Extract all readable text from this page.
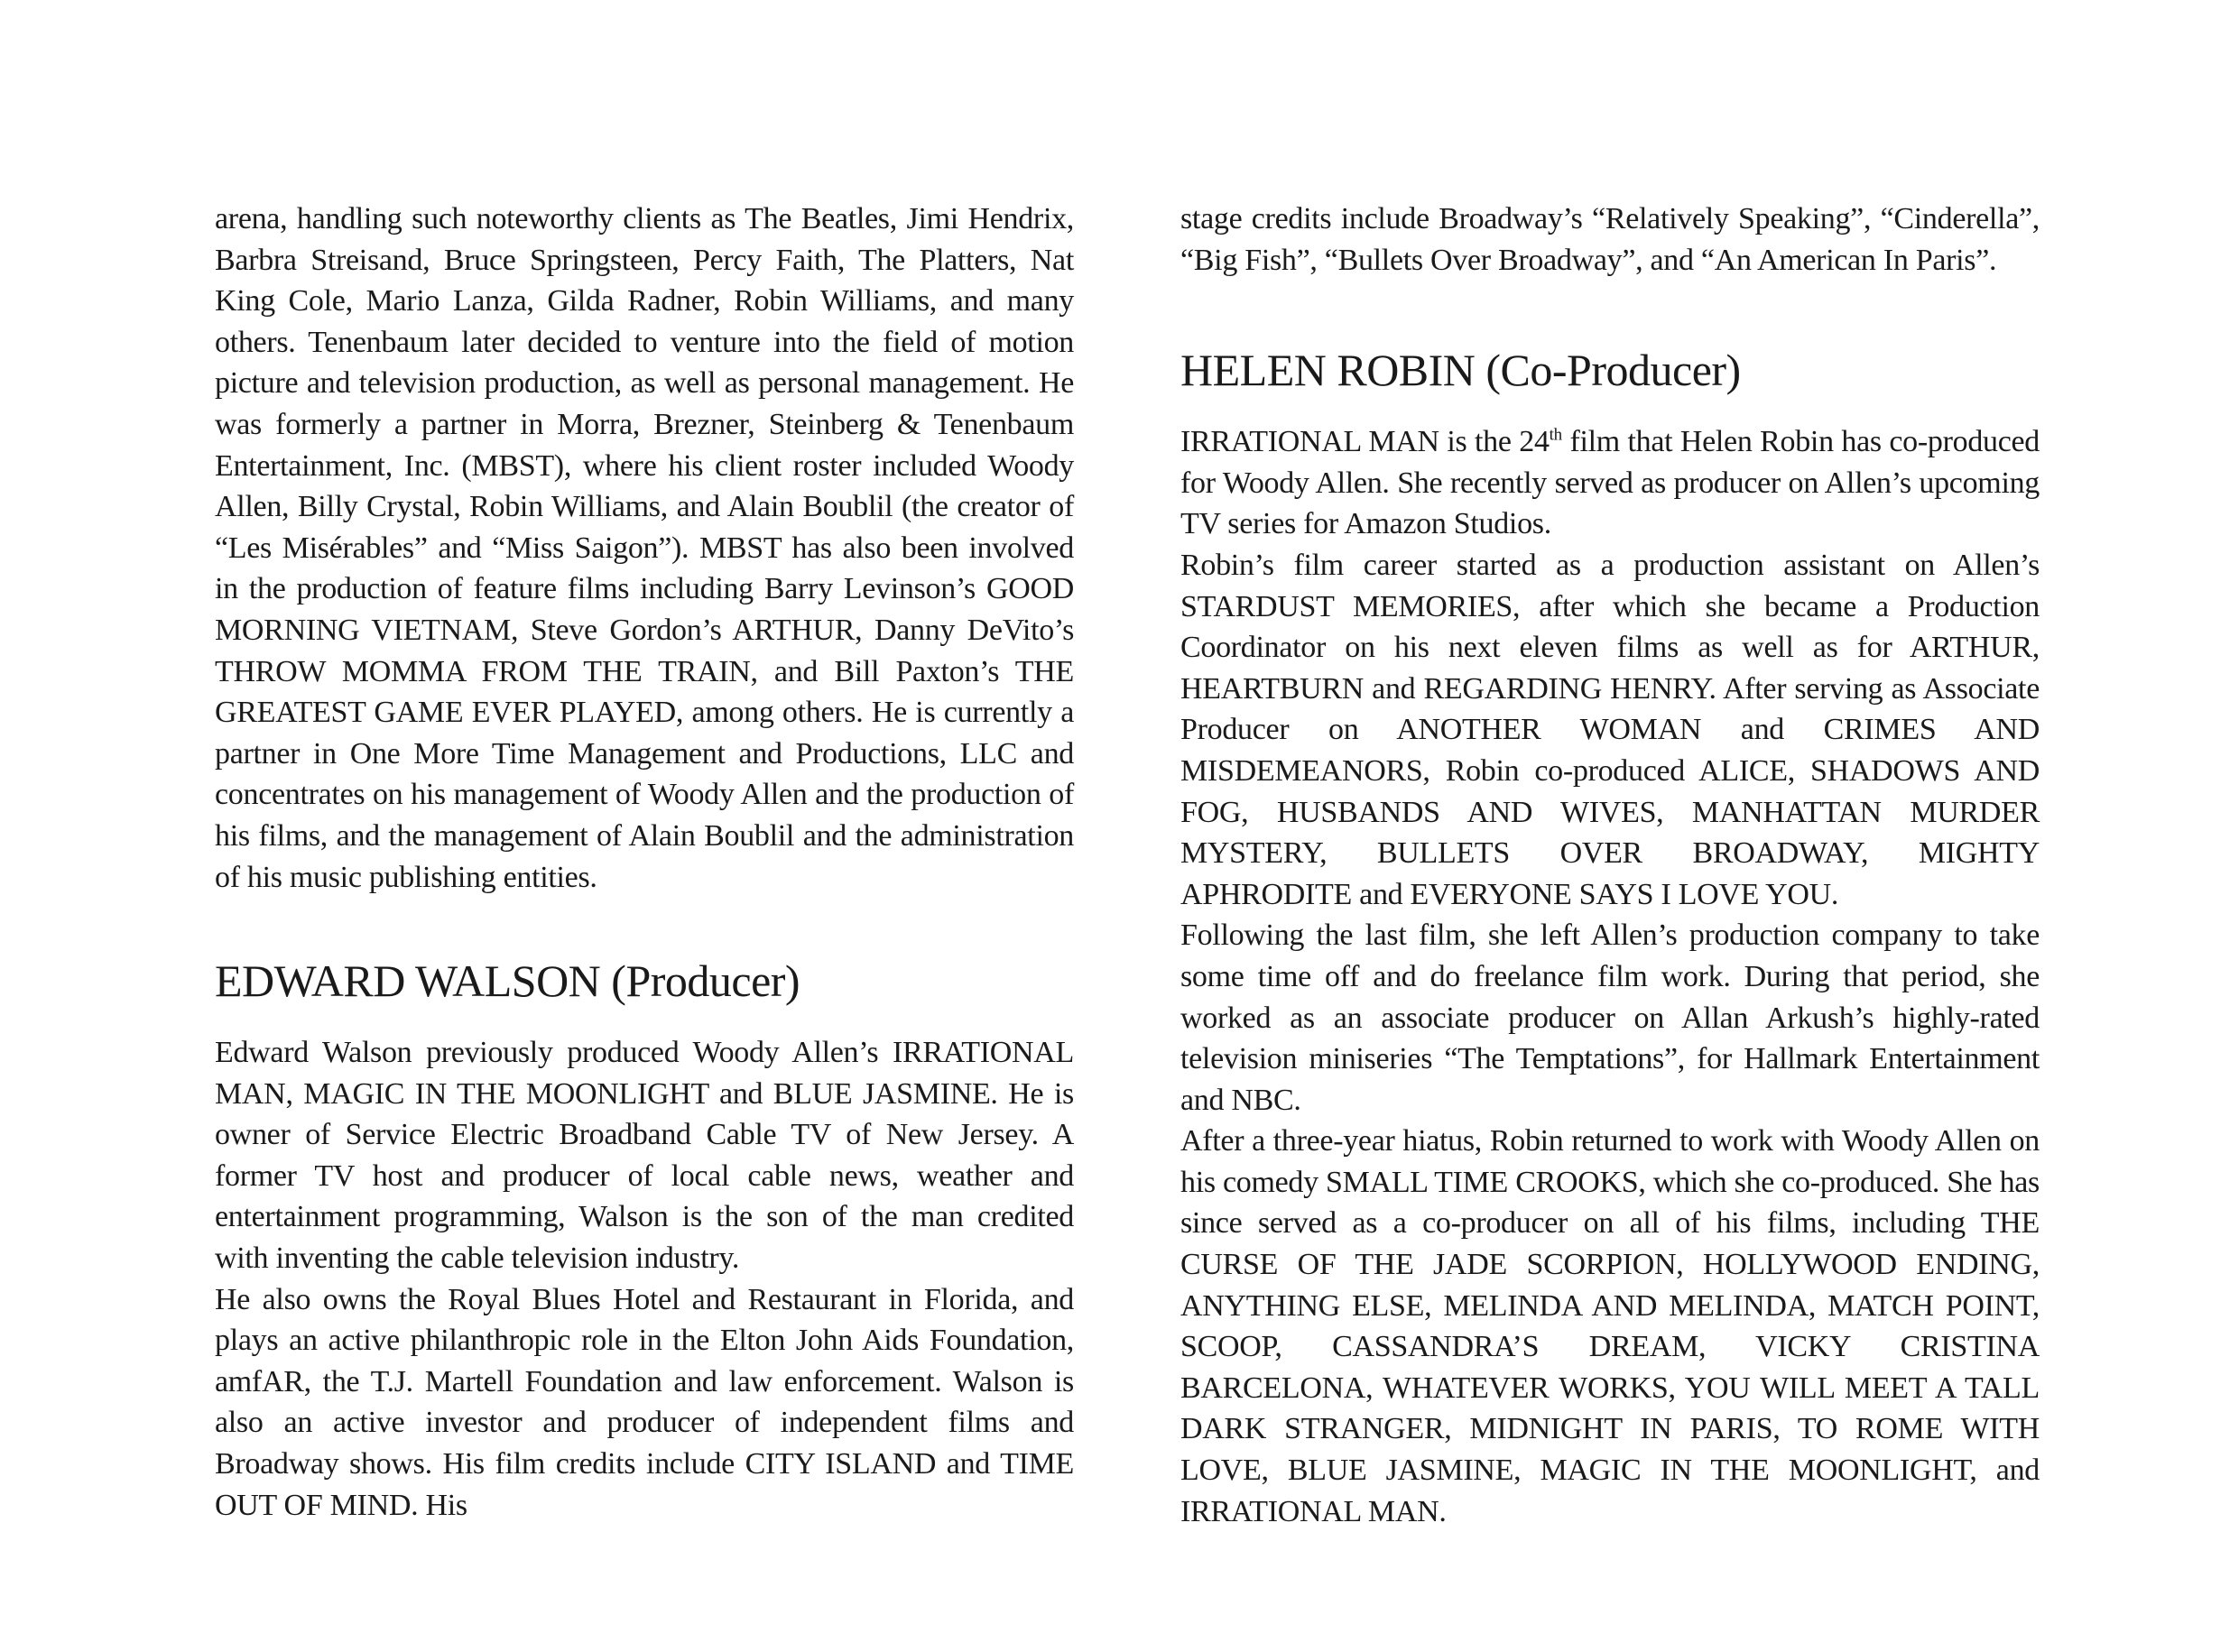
arena, handling such noteworthy clients as The Beatles, Jimi Hendrix, Barbra Streisand, Bruce Springsteen, Percy Faith, The Platters, Nat King Cole, Mario Lanza, Gilda Radner, Robin Williams, and many others. Tenenbaum later decided to venture into the field of motion picture and television production, as well as personal management. He was formerly a partner in Morra, Brezner, Steinberg & Tenenbaum Entertainment, Inc. (MBST), where his client roster included Woody Allen, Billy Crystal, Robin Williams, and Alain Boublil (the creator of “Les Misérables” and “Miss Saigon”). MBST has also been involved in the production of feature films including Barry Levinson’s GOOD MORNING VIETNAM, Steve Gordon’s ARTHUR, Danny DeVito’s THROW MOMMA FROM THE TRAIN, and Bill Paxton’s THE GREATEST GAME EVER PLAYED, among others. He is currently a partner in One More Time Management and Productions, LLC and concentrates on his management of Woody Allen and the production of his films, and the management of Alain Boublil and the administration of his music publishing entities.

EDWARD WALSON (Producer)

Edward Walson previously produced Woody Allen’s IRRATIONAL MAN, MAGIC IN THE MOONLIGHT and BLUE JASMINE. He is owner of Service Electric Broadband Cable TV of New Jersey. A former TV host and producer of local cable news, weather and entertainment programming, Walson is the son of the man credited with inventing the cable television industry.

He also owns the Royal Blues Hotel and Restaurant in Florida, and plays an active philanthropic role in the Elton John Aids Foundation, amfAR, the T.J. Martell Foundation and law enforcement. Walson is also an active investor and producer of independent films and Broadway shows. His film credits include CITY ISLAND and TIME OUT OF MIND. His

stage credits include Broadway’s “Relatively Speaking”, “Cinderella”, “Big Fish”, “Bullets Over Broadway”, and “An American In Paris”.

HELEN ROBIN (Co-Producer)

IRRATIONAL MAN is the 24th film that Helen Robin has co-produced for Woody Allen. She recently served as producer on Allen’s upcoming TV series for Amazon Studios.

Robin’s film career started as a production assistant on Allen’s STARDUST MEMORIES, after which she became a Production Coordinator on his next eleven films as well as for ARTHUR, HEARTBURN and REGARDING HENRY. After serving as Associate Producer on ANOTHER WOMAN and CRIMES AND MISDEMEANORS, Robin co-produced ALICE, SHADOWS AND FOG, HUSBANDS AND WIVES, MANHATTAN MURDER MYSTERY, BULLETS OVER BROADWAY, MIGHTY APHRODITE and EVERYONE SAYS I LOVE YOU.

Following the last film, she left Allen’s production company to take some time off and do freelance film work. During that period, she worked as an associate producer on Allan Arkush’s highly-rated television miniseries “The Temptations”, for Hallmark Entertainment and NBC.

After a three-year hiatus, Robin returned to work with Woody Allen on his comedy SMALL TIME CROOKS, which she co-produced. She has since served as a co-producer on all of his films, including THE CURSE OF THE JADE SCORPION, HOLLYWOOD ENDING, ANYTHING ELSE, MELINDA AND MELINDA, MATCH POINT, SCOOP, CASSANDRA’S DREAM, VICKY CRISTINA BARCELONA, WHATEVER WORKS, YOU WILL MEET A TALL DARK STRANGER, MIDNIGHT IN PARIS, TO ROME WITH LOVE, BLUE JASMINE, MAGIC IN THE MOONLIGHT, and IRRATIONAL MAN.
